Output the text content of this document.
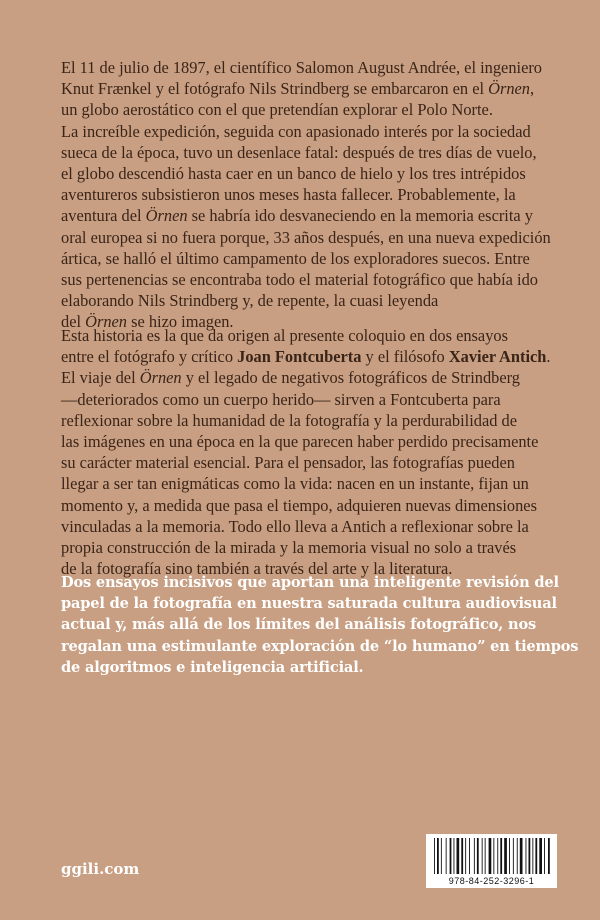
El 11 de julio de 1897, el científico Salomon August Andrée, el ingeniero
Knut Frænkel y el fotógrafo Nils Strindberg se embarcaron en el Örnen,
un globo aerostático con el que pretendían explorar el Polo Norte.
La increíble expedición, seguida con apasionado interés por la sociedad
sueca de la época, tuvo un desenlace fatal: después de tres días de vuelo,
el globo descendió hasta caer en un banco de hielo y los tres intrépidos
aventureros subsistieron unos meses hasta fallecer. Probablemente, la
aventura del Örnen se habría ido desvaneciendo en la memoria escrita y
oral europea si no fuera porque, 33 años después, en una nueva expedición
ártica, se halló el último campamento de los exploradores suecos. Entre
sus pertenencias se encontraba todo el material fotográfico que había ido
elaborando Nils Strindberg y, de repente, la cuasi leyenda
del Örnen se hizo imagen.
Esta historia es la que da origen al presente coloquio en dos ensayos
entre el fotógrafo y crítico Joan Fontcuberta y el filósofo Xavier Antich.
El viaje del Örnen y el legado de negativos fotográficos de Strindberg
—deteriorados como un cuerpo herido— sirven a Fontcuberta para
reflexionar sobre la humanidad de la fotografía y la perdurabilidad de
las imágenes en una época en la que parecen haber perdido precisamente
su carácter material esencial. Para el pensador, las fotografías pueden
llegar a ser tan enigmáticas como la vida: nacen en un instante, fijan un
momento y, a medida que pasa el tiempo, adquieren nuevas dimensiones
vinculadas a la memoria. Todo ello lleva a Antich a reflexionar sobre la
propia construcción de la mirada y la memoria visual no solo a través
de la fotografía sino también a través del arte y la literatura.
Dos ensayos incisivos que aportan una inteligente revisión del
papel de la fotografía en nuestra saturada cultura audiovisual
actual y, más allá de los límites del análisis fotográfico, nos
regalan una estimulante exploración de “lo humano” en tiempos
de algoritmos e inteligencia artificial.
ggili.com
978-84-252-3296-1
